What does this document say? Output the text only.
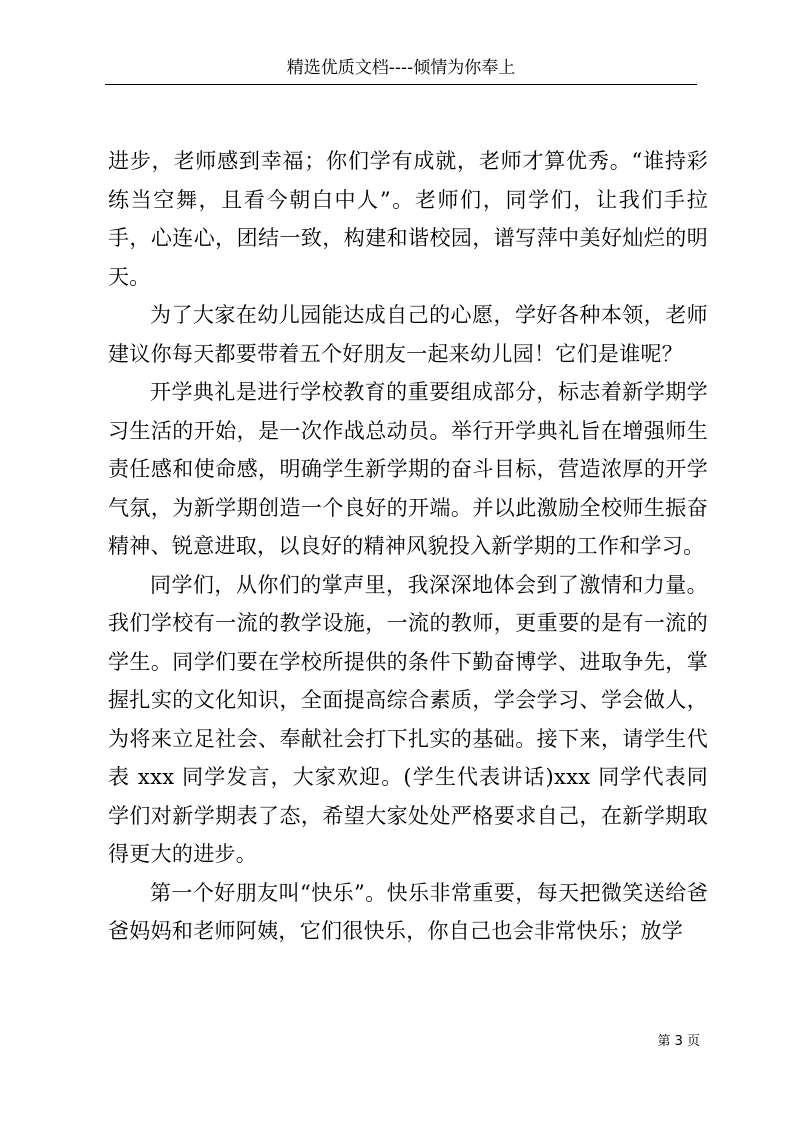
精选优质文档----倾情为你奉上

进步，老师感到幸福；你们学有成就，老师才算优秀。“谁持彩练当空舞，且看今朝白中人”。老师们，同学们，让我们手拉手，心连心，团结一致，构建和谐校园，谱写萍中美好灿烂的明天。

为了大家在幼儿园能达成自己的心愿，学好各种本领，老师建议你每天都要带着五个好朋友一起来幼儿园！它们是谁呢？

开学典礼是进行学校教育的重要组成部分，标志着新学期学习生活的开始，是一次作战总动员。举行开学典礼旨在增强师生责任感和使命感，明确学生新学期的奋斗目标，营造浓厚的开学气氛，为新学期创造一个良好的开端。并以此激励全校师生振奋精神、锐意进取，以良好的精神风貌投入新学期的工作和学习。

同学们，从你们的掌声里，我深深地体会到了激情和力量。我们学校有一流的教学设施，一流的教师，更重要的是有一流的学生。同学们要在学校所提供的条件下勤奋博学、进取争先，掌握扎实的文化知识，全面提高综合素质，学会学习、学会做人，为将来立足社会、奉献社会打下扎实的基础。接下来，请学生代表 xxx 同学发言，大家欢迎。(学生代表讲话)xxx 同学代表同学们对新学期表了态，希望大家处处严格要求自己，在新学期取得更大的进步。

第一个好朋友叫“快乐”。快乐非常重要，每天把微笑送给爸爸妈妈和老师阿姨，它们很快乐，你自己也会非常快乐；放学

第 3 页
